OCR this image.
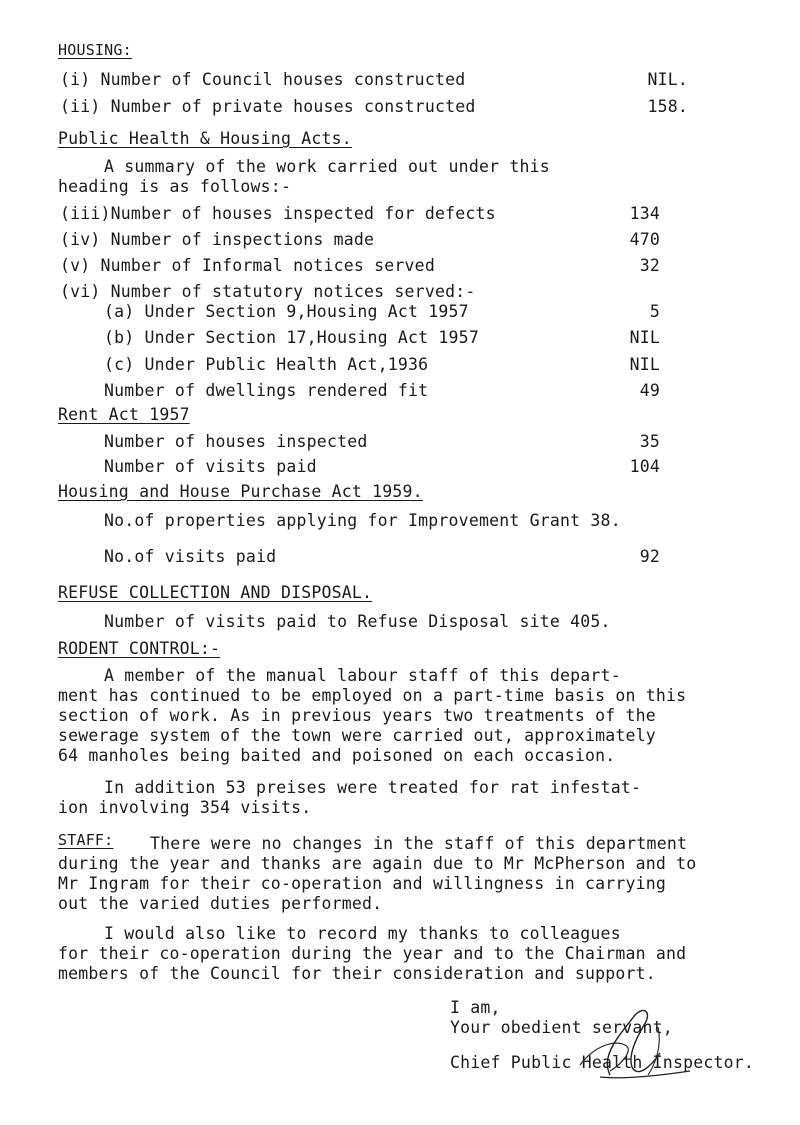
HOUSING:
(i) Number of Council houses constructed	NIL.
(ii) Number of private houses constructed	158.
Public Health & Housing Acts.
A summary of the work carried out under this
heading is as follows:-
(iii)Number of houses inspected for defects	134
(iv) Number of inspections made	470
(v) Number of Informal notices served	32
(vi) Number of statutory notices served:-
(a) Under Section 9,Housing Act 1957	5
(b) Under Section 17,Housing Act 1957	NIL
(c) Under Public Health Act,1936	NIL
Number of dwellings rendered fit	49
Rent Act 1957
Number of houses inspected	35
Number of visits paid	104
Housing and House Purchase Act 1959.
No.of properties applying for Improvement Grant 38.
No.of visits paid	92
REFUSE COLLECTION AND DISPOSAL.
Number of visits paid to Refuse Disposal site 405.
RODENT CONTROL:-
A member of the manual labour staff of this depart-
ment has continued to be employed on a part-time basis on this
section of work. As in previous years two treatments of the
sewerage system of the town were carried out, approximately
64 manholes being baited and poisoned on each occasion.
In addition 53 preises were treated for rat infestat-
ion involving 354 visits.
STAFF: There were no changes in the staff of this department
during the year and thanks are again due to Mr McPherson and to
Mr Ingram for their co-operation and willingness in carrying
out the varied duties performed.
I would also like to record my thanks to colleagues
for their co-operation during the year and to the Chairman and
members of the Council for their consideration and support.
I am,
Your obedient servant,
Chief Public Health Inspector.
